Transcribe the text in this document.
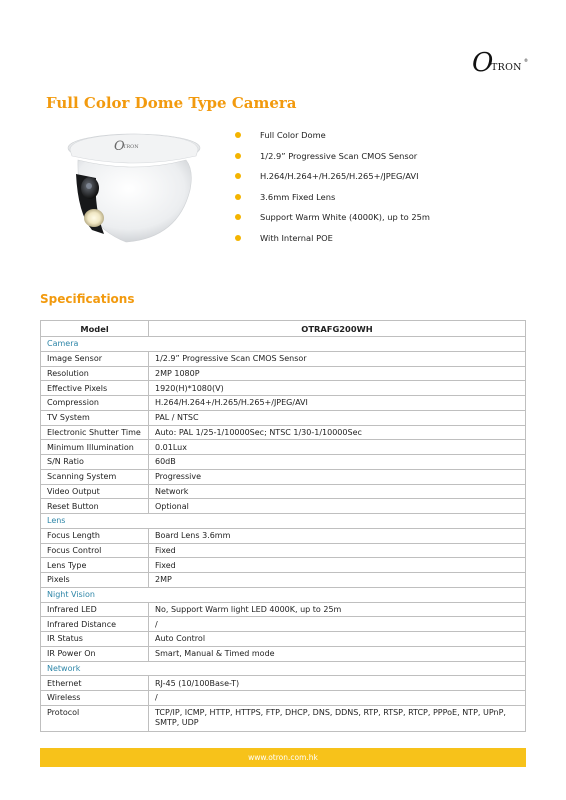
O
TRON
®
Full Color Dome Type Camera
O
TRON
Full Color Dome
1/2.9” Progressive Scan CMOS Sensor
H.264/H.264+/H.265/H.265+/JPEG/AVI
3.6mm Fixed Lens
Support Warm White (4000K), up to 25m
With Internal POE
Specifications
Model	OTRAFG200WH
Camera	
Image Sensor	1/2.9” Progressive Scan CMOS Sensor
Resolution	2MP 1080P
Effective Pixels	1920(H)*1080(V)
Compression	H.264/H.264+/H.265/H.265+/JPEG/AVI
TV System	PAL / NTSC
Electronic Shutter Time	Auto: PAL 1/25-1/10000Sec; NTSC 1/30-1/10000Sec
Minimum Illumination	0.01Lux
S/N Ratio	60dB
Scanning System	Progressive
Video Output	Network
Reset Button	Optional
Lens	
Focus Length	Board Lens 3.6mm
Focus Control	Fixed
Lens Type	Fixed
Pixels	2MP
Night Vision	
Infrared LED	No, Support Warm light LED 4000K, up to 25m
Infrared Distance	/
IR Status	Auto Control
IR Power On	Smart, Manual & Timed mode
Network	
Ethernet	RJ-45 (10/100Base-T)
Wireless	/
Protocol	TCP/IP, ICMP, HTTP, HTTPS, FTP, DHCP, DNS, DDNS, RTP, RTSP, RTCP, PPPoE, NTP, UPnP, SMTP, UDP
www.otron.com.hk
